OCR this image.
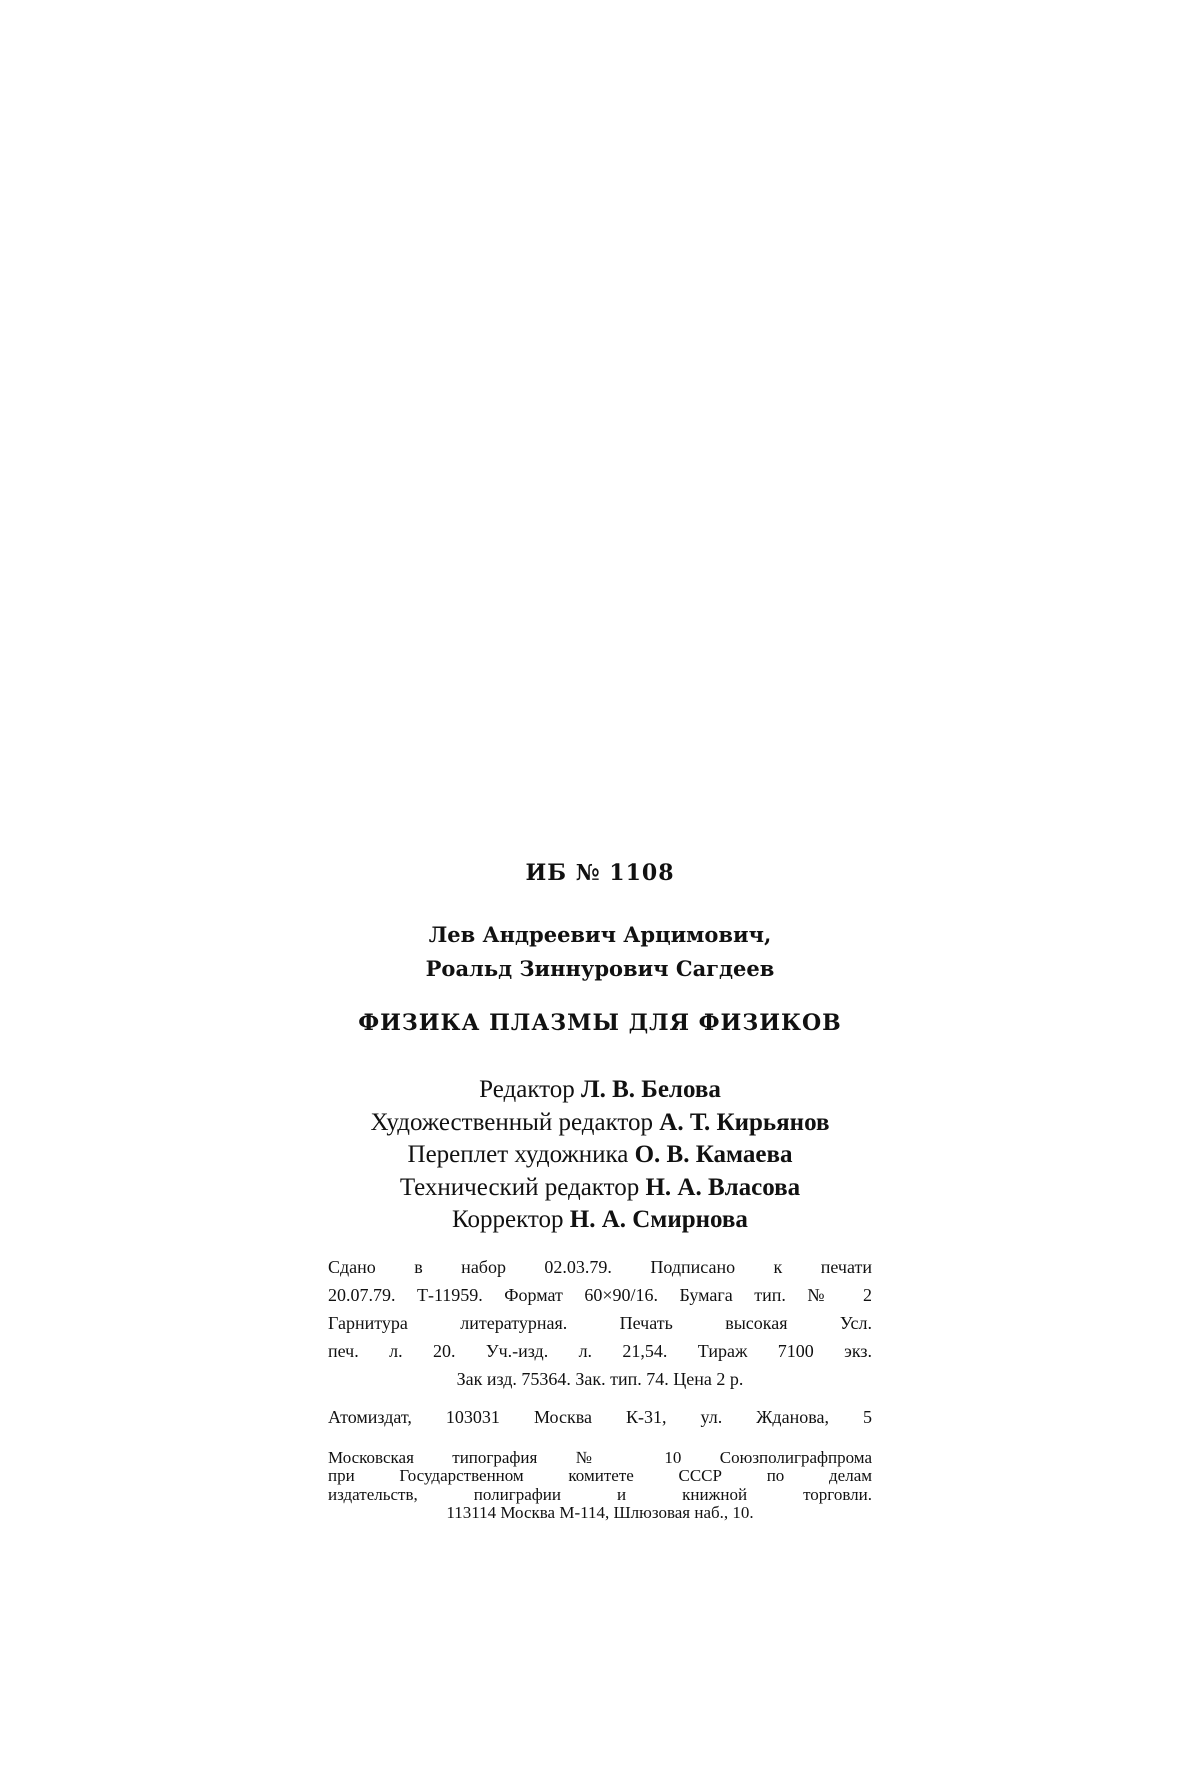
ИБ № 1108
Лев Андреевич Арцимович,
Роальд Зиннурович Сагдеев
ФИЗИКА ПЛАЗМЫ ДЛЯ ФИЗИКОВ
Редактор Л. В. Белова
Художественный редактор А. Т. Кирьянов
Переплет художника О. В. Камаева
Технический редактор Н. А. Власова
Корректор Н. А. Смирнова
Сдано в набор 02.03.79. Подписано к печати
20.07.79. Т-11959. Формат 60×90/16. Бумага тип. № 2
Гарнитура литературная. Печать высокая Усл.
печ. л. 20. Уч.-изд. л. 21,54. Тираж 7100 экз.
Зак изд. 75364. Зак. тип. 74. Цена 2 р.
Атомиздат, 103031 Москва К-31, ул. Жданова, 5
Московская типография № 10 Союзполиграфпрома
при Государственном комитете СССР по делам
издательств, полиграфии и книжной торговли.
113114 Москва М-114, Шлюзовая наб., 10.
